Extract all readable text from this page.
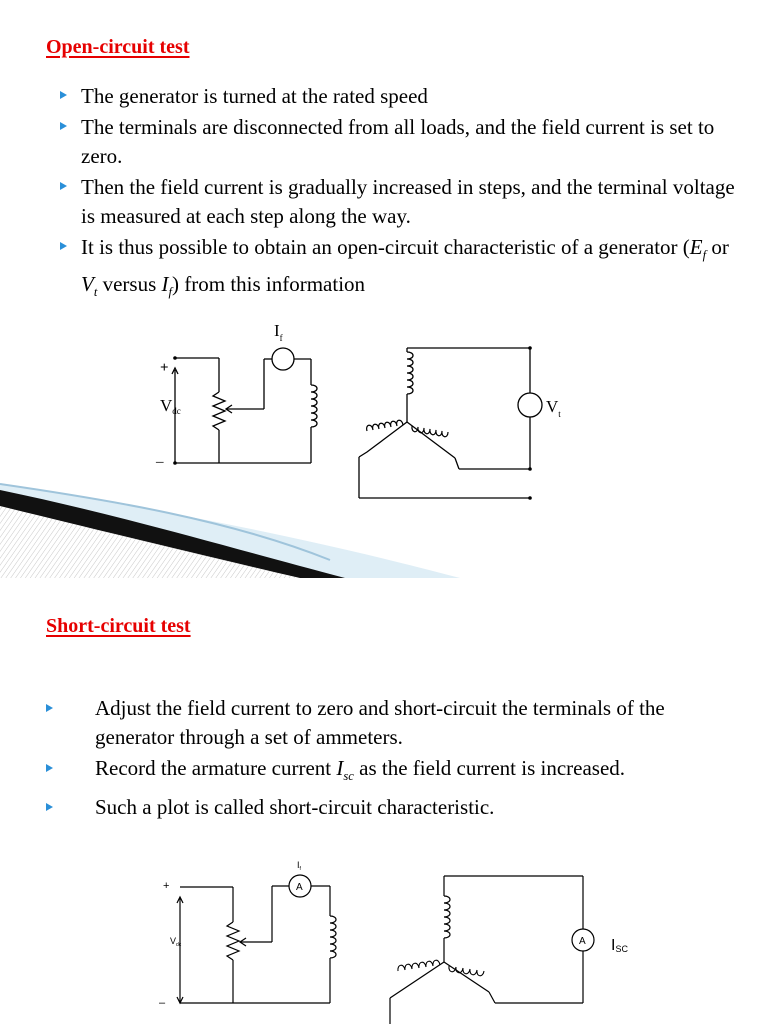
Open-circuit test
The generator is turned at the rated speed
The terminals are disconnected from all loads, and the field current is set to zero.
Then the field current is gradually increased in steps, and the terminal voltage is measured at each step along the way.
It is thus possible to obtain an open-circuit characteristic of a generator ($E_f$ or $V_t$ versus $I_f$) from this information
+
–
Vdc
$I_f$
$V_t$
Short-circuit test
Adjust the field current to zero and short-circuit the terminals of the generator through a set of ammeters.
Record the armature current $I_{sc}$ as the field current is increased.
Such a plot is called short-circuit characteristic.
A
+
–
$V_{dc}$
$I_f$
A ISC
